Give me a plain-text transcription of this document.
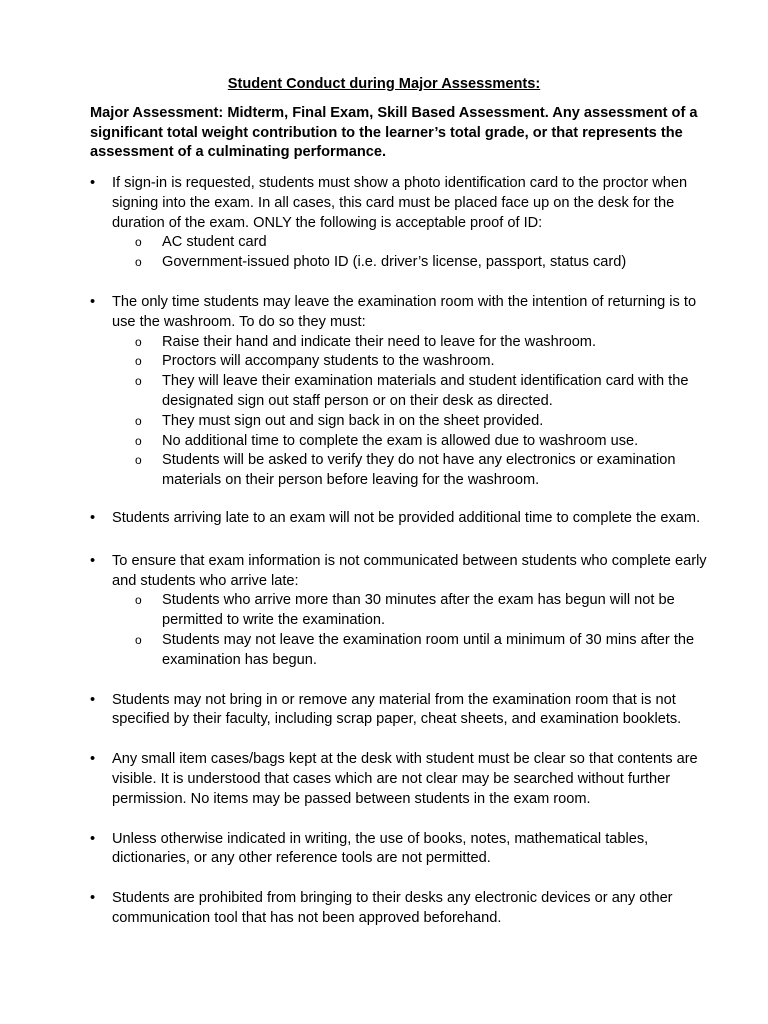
Student Conduct during Major Assessments:
Major Assessment: Midterm, Final Exam, Skill Based Assessment. Any assessment of a significant total weight contribution to the learner’s total grade, or that represents the assessment of a culminating performance.
•	If sign-in is requested, students must show a photo identification card to the proctor when signing into the exam. In all cases, this card must be placed face up on the desk for the duration of the exam. ONLY the following is acceptable proof of ID:
o AC student card
o Government-issued photo ID (i.e. driver’s license, passport, status card)
•	The only time students may leave the examination room with the intention of returning is to use the washroom. To do so they must:
o Raise their hand and indicate their need to leave for the washroom.
o Proctors will accompany students to the washroom.
o They will leave their examination materials and student identification card with the designated sign out staff person or on their desk as directed.
o They must sign out and sign back in on the sheet provided.
o No additional time to complete the exam is allowed due to washroom use.
o Students will be asked to verify they do not have any electronics or examination materials on their person before leaving for the washroom.
•	Students arriving late to an exam will not be provided additional time to complete the exam.
•	To ensure that exam information is not communicated between students who complete early and students who arrive late:
o Students who arrive more than 30 minutes after the exam has begun will not be permitted to write the examination.
o Students may not leave the examination room until a minimum of 30 mins after the examination has begun.
•	Students may not bring in or remove any material from the examination room that is not specified by their faculty, including scrap paper, cheat sheets, and examination booklets.
•	Any small item cases/bags kept at the desk with student must be clear so that contents are visible. It is understood that cases which are not clear may be searched without further permission. No items may be passed between students in the exam room.
•	Unless otherwise indicated in writing, the use of books, notes, mathematical tables, dictionaries, or any other reference tools are not permitted.
•	Students are prohibited from bringing to their desks any electronic devices or any other communication tool that has not been approved beforehand.
